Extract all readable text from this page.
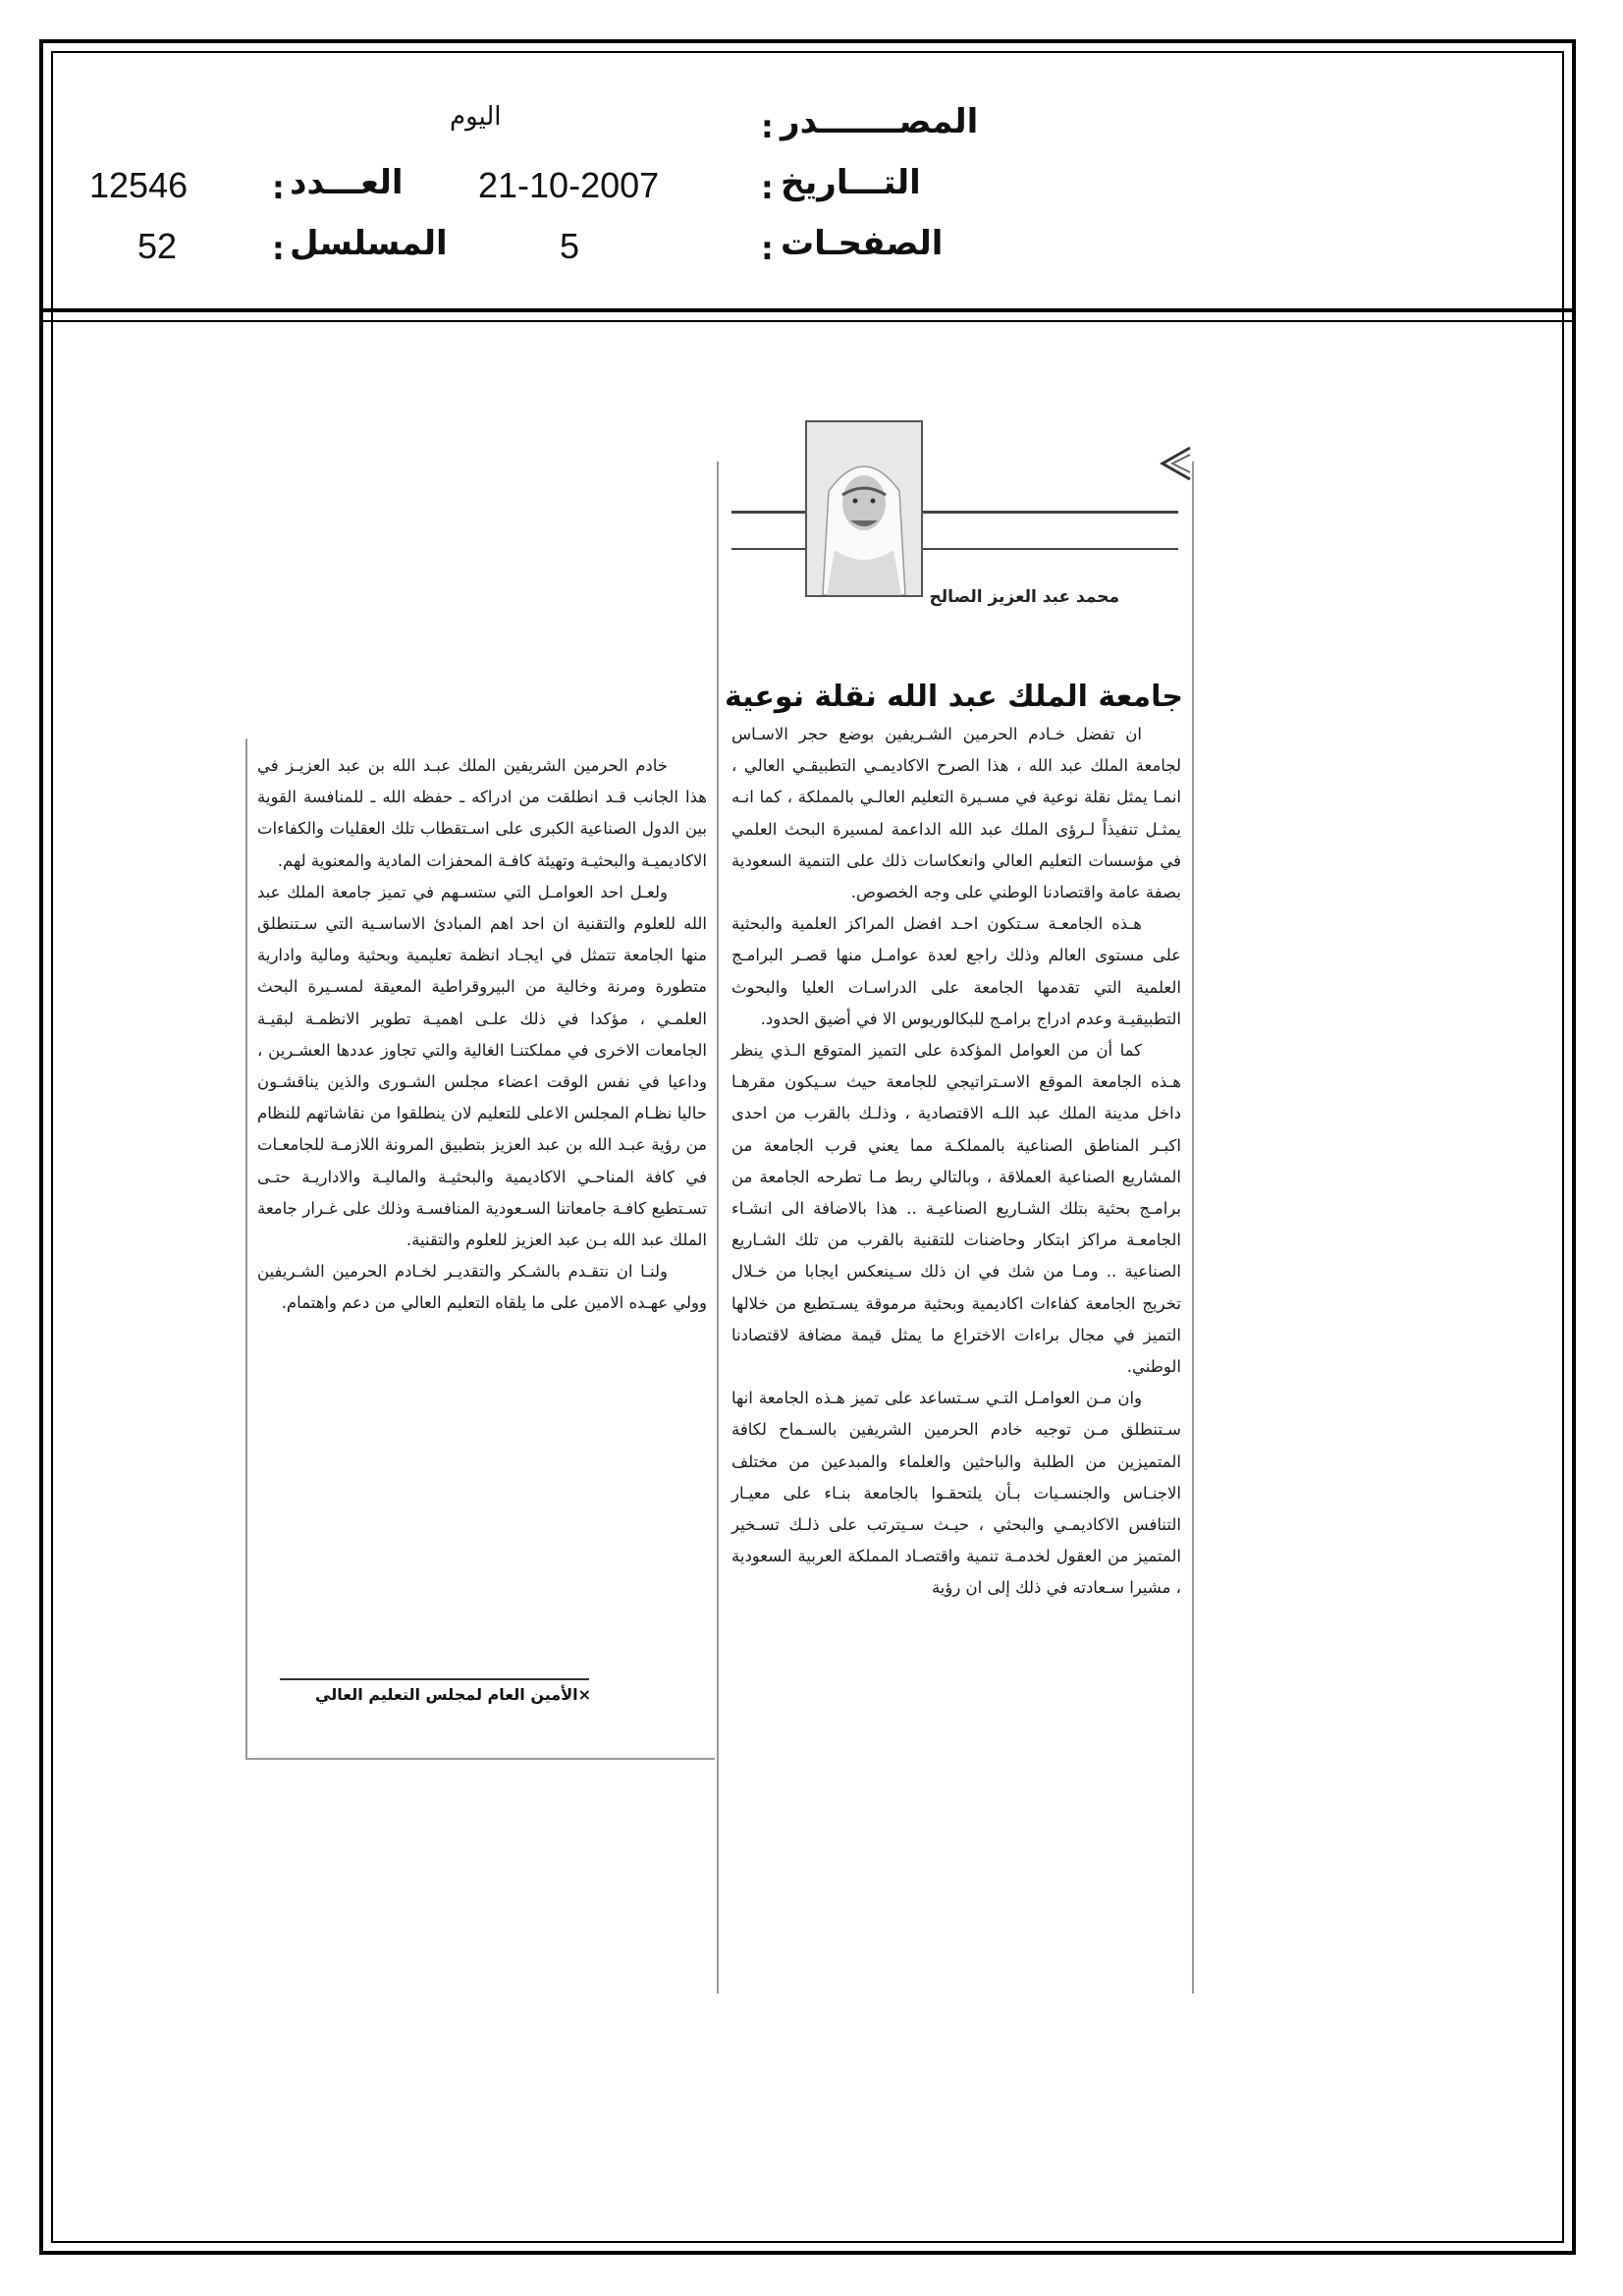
المصـــــــدر
:
اليوم
التـــاريخ
:
21-10-2007
العـــدد
:
12546
الصفحـات
:
5
المسلسل
:
52
محمد عبد العزيز الصالح
جامعة الملك عبد الله نقلة نوعية

ان تفضل خـادم الحرمين الشـريفين بوضع حجر الاسـاس لجامعة الملك عبد الله ، هذا الصرح الاكاديمـي التطبيقـي العالي ، انمـا يمثل نقلة نوعية في مسـيرة التعليم العالـي بالمملكة ، كما انـه يمثـل تنفيذاً لـرؤى الملك عبد الله الداعمة لمسيرة البحث العلمي في مؤسسات التعليم العالي وانعكاسات ذلك على التنمية السعودية بصفة عامة واقتصادنا الوطني على وجه الخصوص.

هـذه الجامعـة سـتكون احـد افضل المراكز العلمية والبحثية على مستوى العالم وذلك راجع لعدة عوامـل منها قصـر البرامـج العلمية التي تقدمها الجامعة على الدراسـات العليا والبحوث التطبيقيـة وعدم ادراج برامـج للبكالوريوس الا في أضيق الحدود.

كما أن من العوامل المؤكدة على التميز المتوقع الـذي ينظر هـذه الجامعة الموقع الاسـتراتيجي للجامعة حيث سـيكون مقرهـا داخل مدينة الملك عبد اللـه الاقتصادية ، وذلـك بالقرب من احدى اكبـر المناطق الصناعية بالمملكـة مما يعني قرب الجامعة من المشاريع الصناعية العملاقة ، وبالتالي ربط مـا تطرحه الجامعة من برامـج بحثية بتلك الشـاريع الصناعيـة .. هذا بالاضافة الى انشـاء الجامعـة مراكز ابتكار وحاضنات للتقنية بالقرب من تلك الشـاريع الصناعية .. ومـا من شك في ان ذلك سـينعكس ايجابا من خـلال تخريج الجامعة كفاءات اكاديمية وبحثية مرموقة يسـتطيع من خلالها التميز في مجال براءات الاختراع ما يمثل قيمة مضافة لاقتصادنا الوطني.

وان مـن العوامـل التـي سـتساعد على تميز هـذه الجامعة انها سـتنطلق مـن توجيه خادم الحرمين الشريفين بالسـماح لكافة المتميزين من الطلبة والباحثين والعلماء والمبدعين من مختلف الاجنـاس والجنسـيات بـأن يلتحقـوا بالجامعة بنـاء على معيـار التنافس الاكاديمـي والبحثي ، حيـث سـيترتب على ذلـك تسـخير المتميز من العقول لخدمـة تنمية واقتصـاد المملكة العربية السعودية ، مشيرا سـعادته في ذلك إلى ان رؤية

خادم الحرمين الشريفين الملك عبـد الله بن عبد العزيـز في هذا الجانب قـد انطلقت من ادراكه ـ حفظه الله ـ للمنافسة القوية بين الدول الصناعية الكبرى على اسـتقطاب تلك العقليات والكفاءات الاكاديميـة والبحثيـة وتهيئة كافـة المحفزات المادية والمعنوية لهم.

ولعـل احد العوامـل التي ستسـهم في تميز جامعة الملك عبد الله للعلوم والتقنية ان احد اهم المبادئ الاساسـية التي سـتنطلق منها الجامعة تتمثل في ايجـاد انظمة تعليمية وبحثية ومالية وادارية متطورة ومرنة وخالية من البيروقراطية المعيقة لمسـيرة البحث العلمـي ، مؤكدا في ذلك علـى اهميـة تطوير الانظمـة لبقيـة الجامعات الاخرى في مملكتنـا الغالية والتي تجاوز عددها العشـرين ، وداعيا في نفس الوقت اعضاء مجلس الشـورى والذين يناقشـون حاليا نظـام المجلس الاعلى للتعليم لان ينطلقوا من نقاشاتهم للنظام من رؤية عبـد الله بن عبد العزيز بتطبيق المرونة اللازمـة للجامعـات في كافة المناحـي الاكاديمية والبحثيـة والماليـة والاداريـة حتـى تسـتطيع كافـة جامعاتنا السـعودية المنافسـة وذلك على غـرار جامعة الملك عبد الله بـن عبد العزيز للعلوم والتقنية.

ولنـا ان نتقـدم بالشـكر والتقديـر لخـادم الحرمين الشـريفين وولي عهـده الامين على ما يلقاه التعليم العالي من دعم واهتمام.

×الأمين العام لمجلس التعليم العالي
